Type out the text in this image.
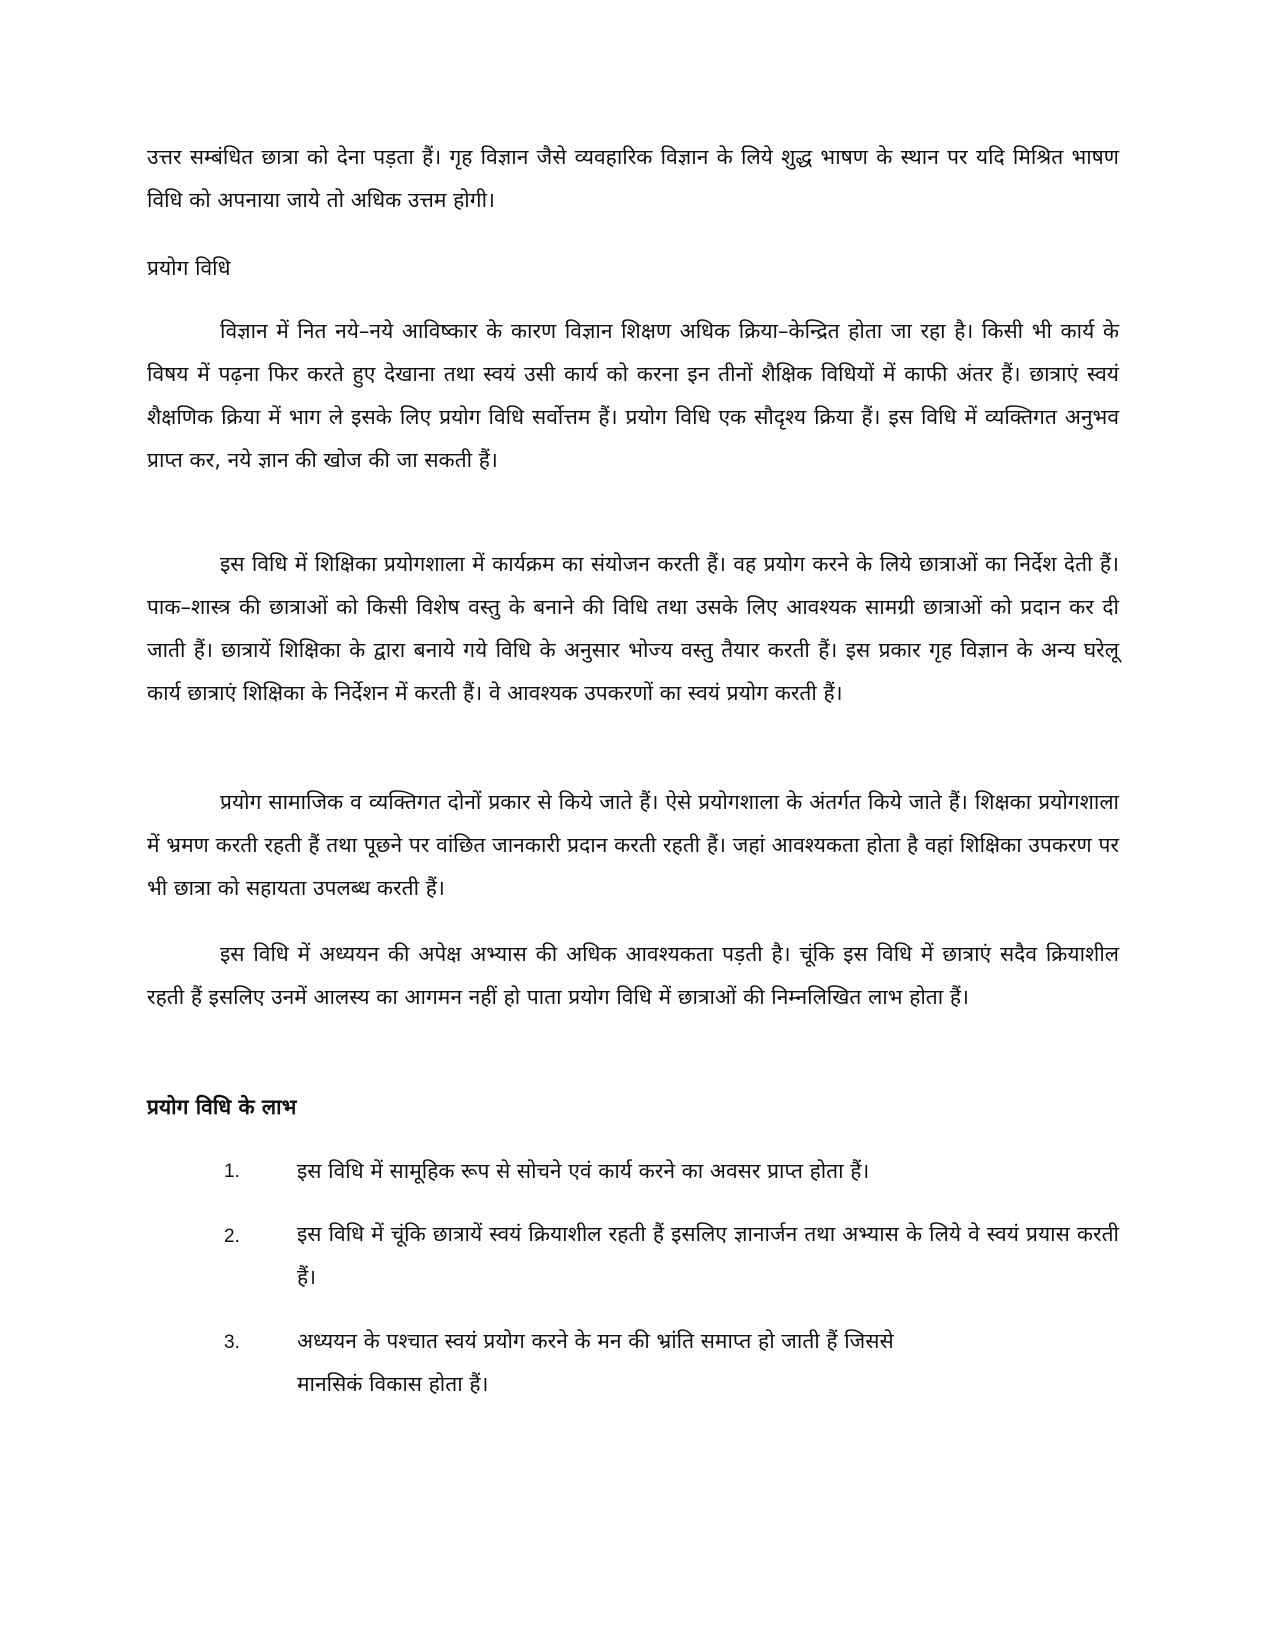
उत्तर सम्बंधित छात्रा को देना पड़ता हैं। गृह विज्ञान जैसे व्यवहारिक विज्ञान के लिये शुद्ध भाषण के स्थान पर यदि मिश्रित भाषण विधि को अपनाया जाये तो अधिक उत्तम होगी।

प्रयोग विधि

विज्ञान में नित नये–नये आविष्कार के कारण विज्ञान शिक्षण अधिक क्रिया–केन्द्रित होता जा रहा है। किसी भी कार्य के विषय में पढ़ना फिर करते हुए देखाना तथा स्वयं उसी कार्य को करना इन तीनों शैक्षिक विधियों में काफी अंतर हैं। छात्राएं स्वयं शैक्षणिक क्रिया में भाग ले इसके लिए प्रयोग विधि सर्वोत्तम हैं। प्रयोग विधि एक सौदृश्य क्रिया हैं। इस विधि में व्यक्तिगत अनुभव प्राप्त कर, नये ज्ञान की खोज की जा सकती हैं।

इस विधि में शिक्षिका प्रयोगशाला में कार्यक्रम का संयोजन करती हैं। वह प्रयोग करने के लिये छात्राओं का निर्देश देती हैं। पाक–शास्त्र की छात्राओं को किसी विशेष वस्तु के बनाने की विधि तथा उसके लिए आवश्यक सामग्री छात्राओं को प्रदान कर दी जाती हैं। छात्रायें शिक्षिका के द्वारा बनाये गये विधि के अनुसार भोज्य वस्तु तैयार करती हैं। इस प्रकार गृह विज्ञान के अन्य घरेलू कार्य छात्राएं शिक्षिका के निर्देशन में करती हैं। वे आवश्यक उपकरणों का स्वयं प्रयोग करती हैं।

प्रयोग सामाजिक व व्यक्तिगत दोनों प्रकार से किये जाते हैं। ऐसे प्रयोगशाला के अंतर्गत किये जाते हैं। शिक्षका प्रयोगशाला में भ्रमण करती रहती हैं तथा पूछने पर वांछित जानकारी प्रदान करती रहती हैं। जहां आवश्यकता होता है वहां शिक्षिका उपकरण पर भी छात्रा को सहायता उपलब्ध करती हैं।

इस विधि में अध्ययन की अपेक्ष अभ्यास की अधिक आवश्यकता पड़ती है। चूंकि इस विधि में छात्राएं सदैव क्रियाशील रहती हैं इसलिए उनमें आलस्य का आगमन नहीं हो पाता प्रयोग विधि में छात्राओं की निम्नलिखित लाभ होता हैं।

प्रयोग विधि के लाभ
1.	इस विधि में सामूहिक रूप से सोचने एवं कार्य करने का अवसर प्राप्त होता हैं।

2.	इस विधि में चूंकि छात्रायें स्वयं क्रियाशील रहती हैं इसलिए ज्ञानार्जन तथा अभ्यास के लिये वे स्वयं प्रयास करती हैं।

3.	अध्ययन के पश्चात स्वयं प्रयोग करने के मन की भ्रांति समाप्त हो जाती हैं जिससे
मानसिकं विकास होता हैं।
